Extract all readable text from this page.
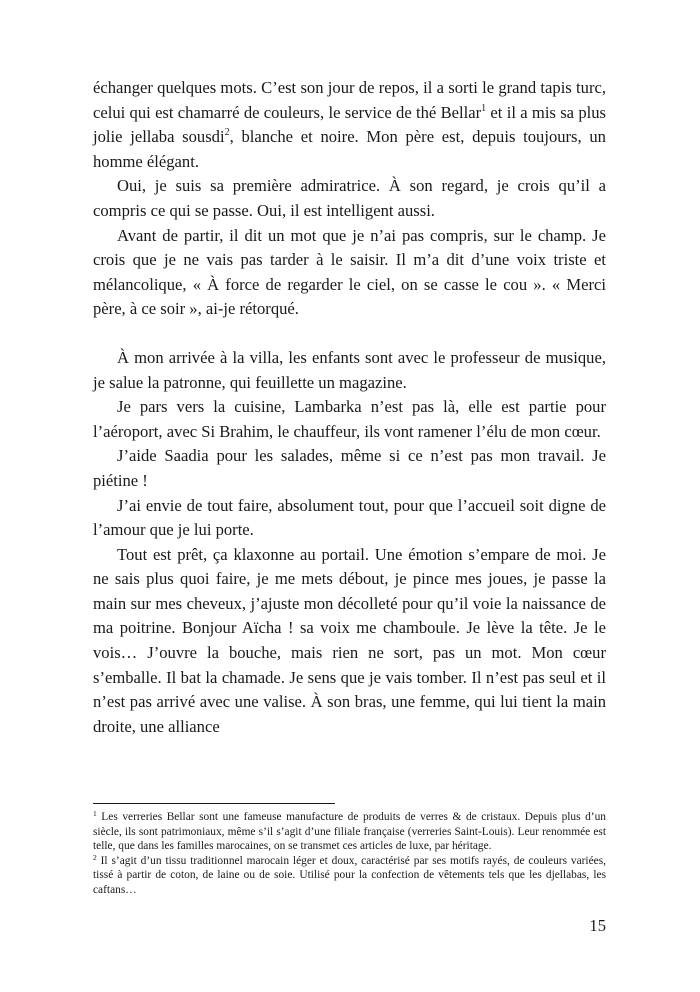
échanger quelques mots. C’est son jour de repos, il a sorti le grand tapis turc, celui qui est chamarré de couleurs, le service de thé Bellar$^1$ et il a mis sa plus jolie jellaba sousdi$^2$, blanche et noire. Mon père est, depuis toujours, un homme élégant.

Oui, je suis sa première admiratrice. À son regard, je crois qu’il a compris ce qui se passe. Oui, il est intelligent aussi.

Avant de partir, il dit un mot que je n’ai pas compris, sur le champ. Je crois que je ne vais pas tarder à le saisir. Il m’a dit d’une voix triste et mélancolique, « À force de regarder le ciel, on se casse le cou ». « Merci père, à ce soir », ai-je rétorqué.

À mon arrivée à la villa, les enfants sont avec le professeur de musique, je salue la patronne, qui feuillette un magazine.

Je pars vers la cuisine, Lambarka n’est pas là, elle est partie pour l’aéroport, avec Si Brahim, le chauffeur, ils vont ramener l’élu de mon cœur.

J’aide Saadia pour les salades, même si ce n’est pas mon travail. Je piétine !

J’ai envie de tout faire, absolument tout, pour que l’accueil soit digne de l’amour que je lui porte.

Tout est prêt, ça klaxonne au portail. Une émotion s’empare de moi. Je ne sais plus quoi faire, je me mets débout, je pince mes joues, je passe la main sur mes cheveux, j’ajuste mon décolleté pour qu’il voie la naissance de ma poitrine. Bonjour Aïcha ! sa voix me chamboule. Je lève la tête. Je le vois… J’ouvre la bouche, mais rien ne sort, pas un mot. Mon cœur s’emballe. Il bat la chamade. Je sens que je vais tomber. Il n’est pas seul et il n’est pas arrivé avec une valise. À son bras, une femme, qui lui tient la main droite, une alliance

$^1$ Les verreries Bellar sont une fameuse manufacture de produits de verres & de cristaux. Depuis plus d’un siècle, ils sont patrimoniaux, même s’il s’agit d’une filiale française (verreries Saint-Louis). Leur renommée est telle, que dans les familles marocaines, on se transmet ces articles de luxe, par héritage.

$^2$ Il s’agit d’un tissu traditionnel marocain léger et doux, caractérisé par ses motifs rayés, de couleurs variées, tissé à partir de coton, de laine ou de soie. Utilisé pour la confection de vêtements tels que les djellabas, les caftans…

15
